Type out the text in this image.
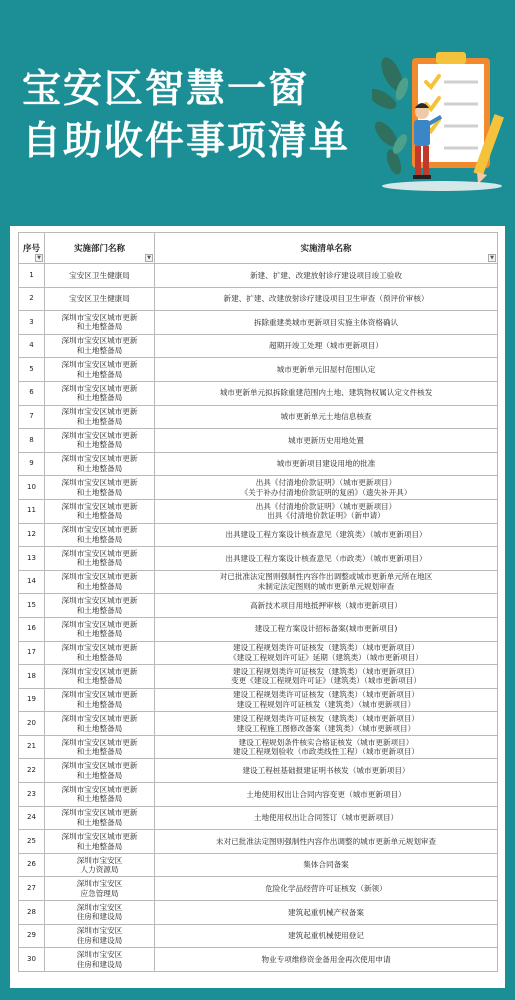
宝安区智慧一窗
自助收件事项清单
序号
▼	实施部门名称
▼	实施清单名称
▼

1	宝安区卫生健康局	新建、扩建、改建放射诊疗建设项目竣工验收
2	宝安区卫生健康局	新建、扩建、改建放射诊疗建设项目卫生审查（预评价审核）
3	深圳市宝安区城市更新
和土地整备局	拆除重建类城市更新项目实施主体资格确认
4	深圳市宝安区城市更新
和土地整备局	超期开竣工处理（城市更新项目）
5	深圳市宝安区城市更新
和土地整备局	城市更新单元旧屋村范围认定
6	深圳市宝安区城市更新
和土地整备局	城市更新单元拟拆除重建范围内土地、建筑物权属认定文件核发
7	深圳市宝安区城市更新
和土地整备局	城市更新单元土地信息核查
8	深圳市宝安区城市更新
和土地整备局	城市更新历史用地处置
9	深圳市宝安区城市更新
和土地整备局	城市更新项目建设用地的批准
10	深圳市宝安区城市更新
和土地整备局	出具《付清地价款证明》（城市更新项目）
《关于补办付清地价款证明的复函》（遗失补开具）
11	深圳市宝安区城市更新
和土地整备局	出具《付清地价款证明》（城市更新项目）
出具《付清地价款证明》（新申请）
12	深圳市宝安区城市更新
和土地整备局	出具建设工程方案设计核查意见（建筑类）（城市更新项目）
13	深圳市宝安区城市更新
和土地整备局	出具建设工程方案设计核查意见（市政类）（城市更新项目）
14	深圳市宝安区城市更新
和土地整备局	对已批准法定图则强制性内容作出调整或城市更新单元所在地区
未制定法定图则的城市更新单元规划审查
15	深圳市宝安区城市更新
和土地整备局	高新技术项目用地抵押审核（城市更新项目）
16	深圳市宝安区城市更新
和土地整备局	建设工程方案设计招标备案(城市更新项目)
17	深圳市宝安区城市更新
和土地整备局	建设工程规划类许可证核发（建筑类）（城市更新项目）
《建设工程规划许可证》延期（建筑类）（城市更新项目）
18	深圳市宝安区城市更新
和土地整备局	建设工程规划类许可证核发（建筑类）（城市更新项目）
变更《建设工程规划许可证》（建筑类）（城市更新项目）
19	深圳市宝安区城市更新
和土地整备局	建设工程规划类许可证核发（建筑类）（城市更新项目）
建设工程规划许可证核发（建筑类）（城市更新项目）
20	深圳市宝安区城市更新
和土地整备局	建设工程规划类许可证核发（建筑类）（城市更新项目）
建设工程施工图修改备案（建筑类）（城市更新项目）
21	深圳市宝安区城市更新
和土地整备局	建设工程规划条件核实合格证核发（城市更新项目）
建设工程规划验收（市政类线性工程）（城市更新项目）
22	深圳市宝安区城市更新
和土地整备局	建设工程桩基础报建证明书核发（城市更新项目）
23	深圳市宝安区城市更新
和土地整备局	土地使用权出让合同内容变更（城市更新项目）
24	深圳市宝安区城市更新
和土地整备局	土地使用权出让合同签订（城市更新项目）
25	深圳市宝安区城市更新
和土地整备局	未对已批准法定图则强制性内容作出调整的城市更新单元规划审查
26	深圳市宝安区
人力资源局	集体合同备案
27	深圳市宝安区
应急管理局	危险化学品经营许可证核发（新领）
28	深圳市宝安区
住房和建设局	建筑起重机械产权备案
29	深圳市宝安区
住房和建设局	建筑起重机械使用登记
30	深圳市宝安区
住房和建设局	物业专项维修资金备用金再次使用申请
